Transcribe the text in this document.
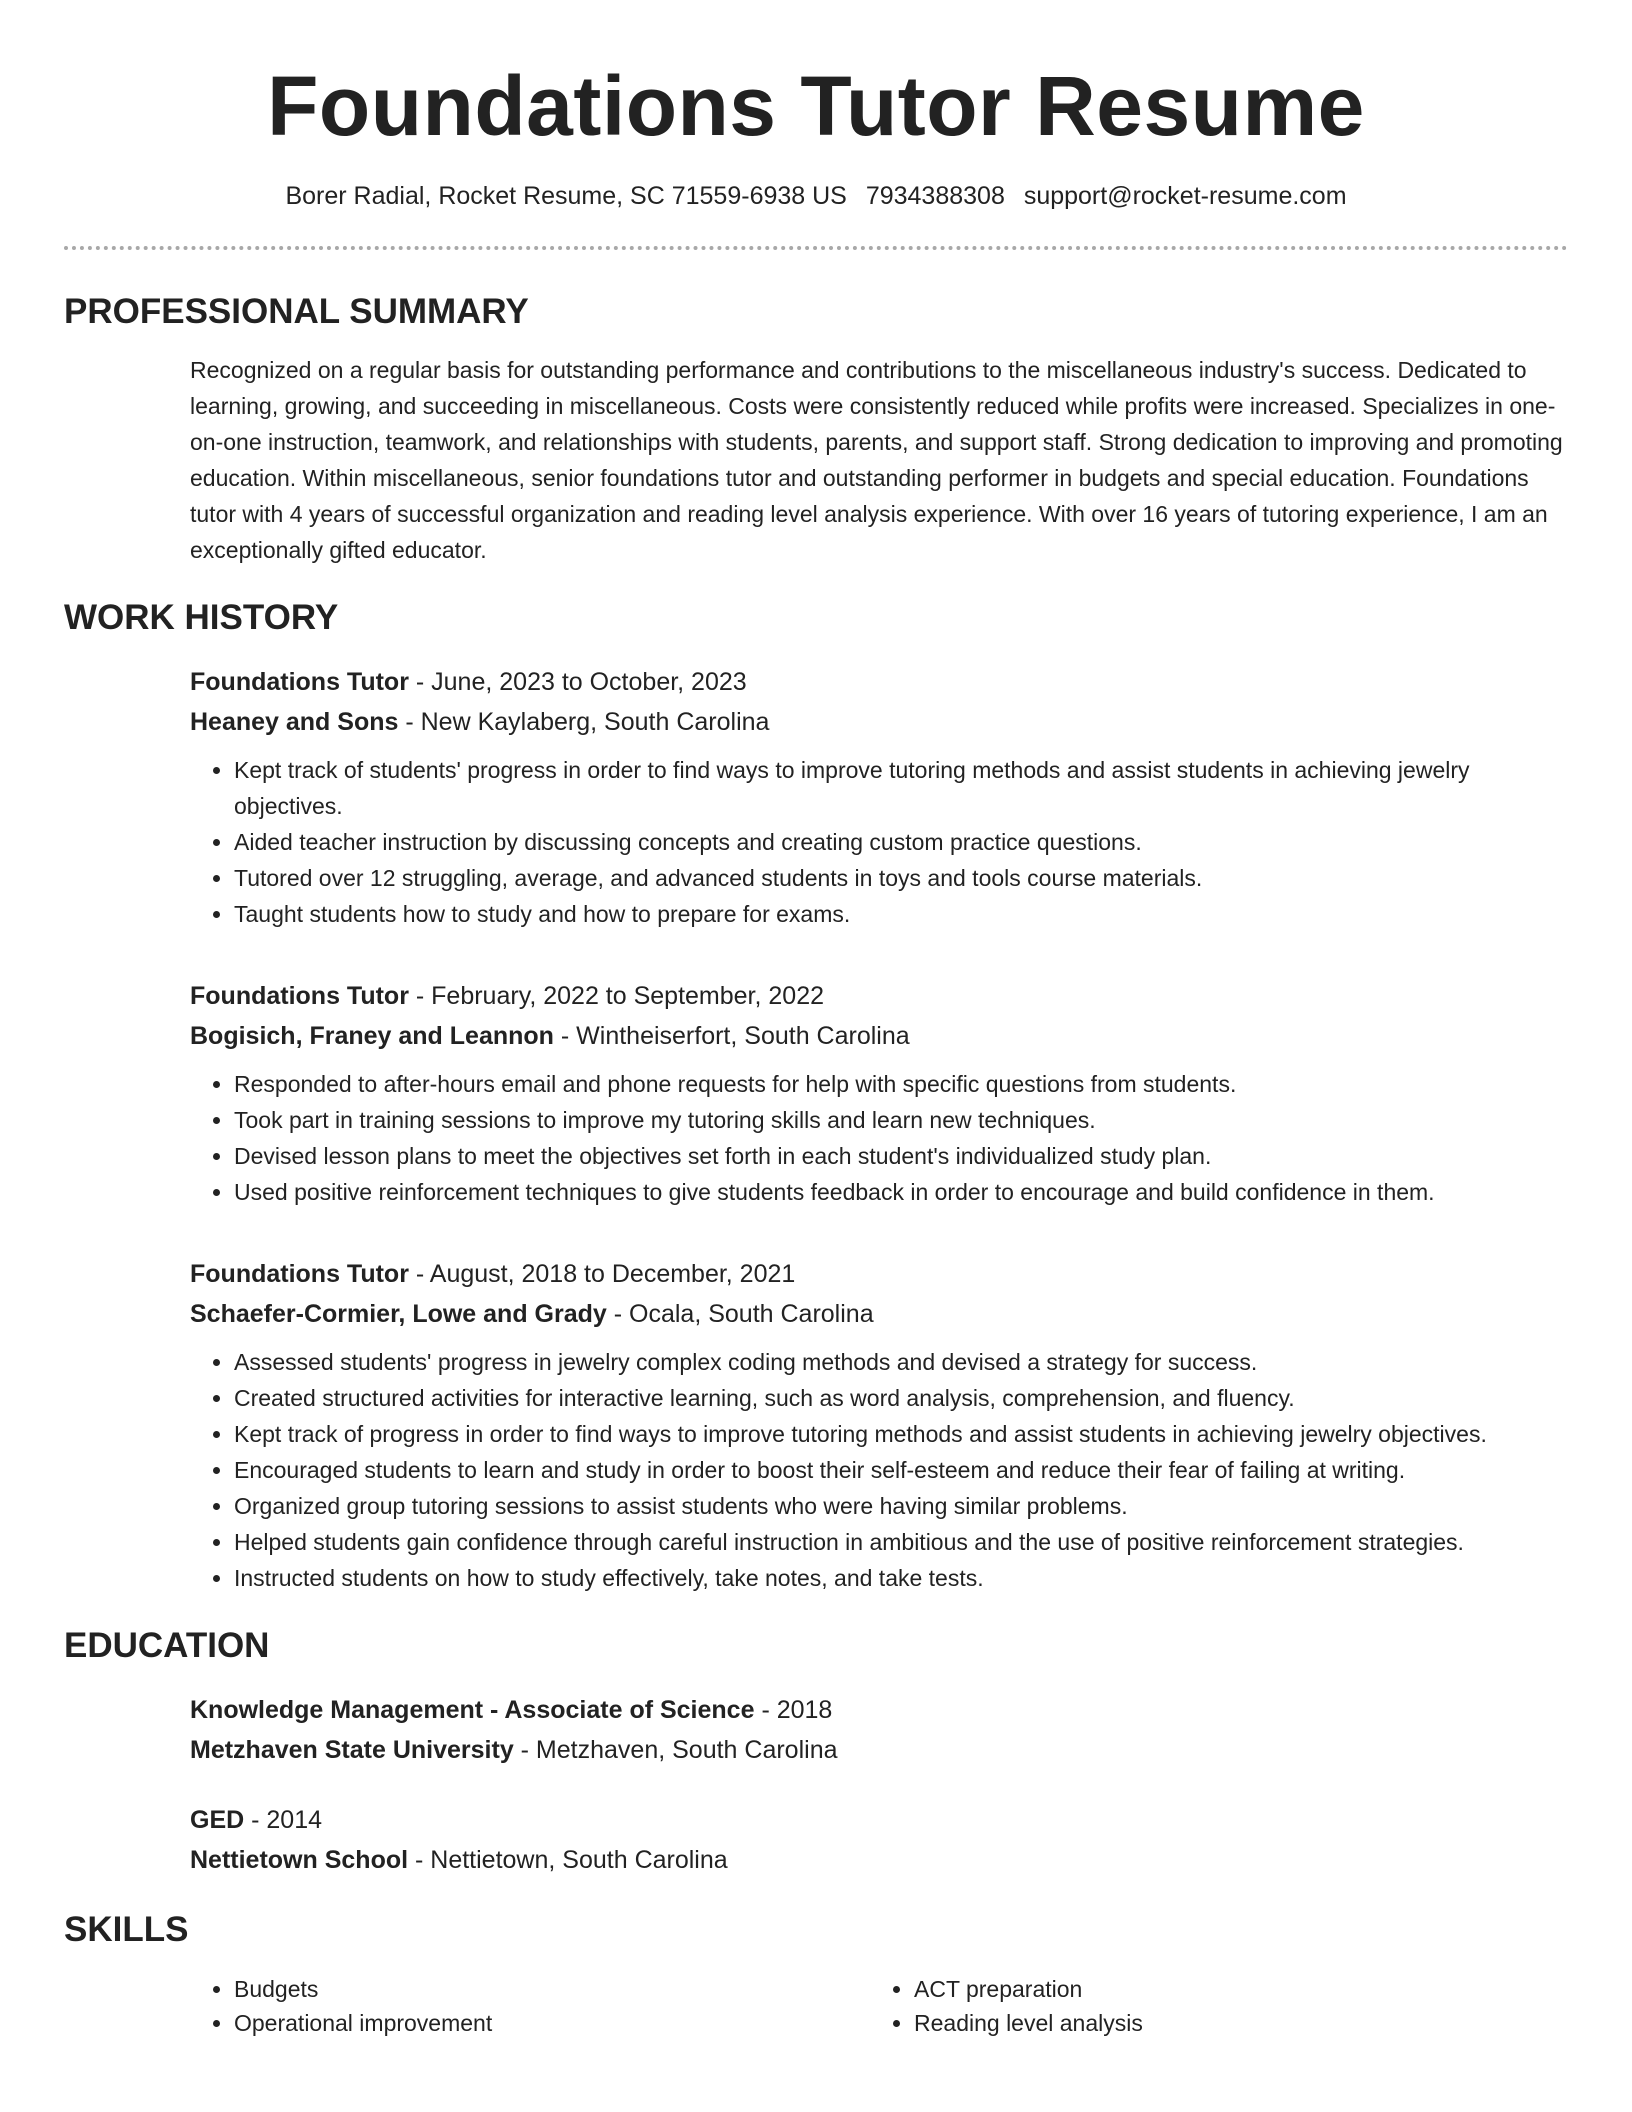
Foundations Tutor Resume
Borer Radial, Rocket Resume, SC 71559-6938 US 7934388308 support@rocket-resume.com
PROFESSIONAL SUMMARY
Recognized on a regular basis for outstanding performance and contributions to the miscellaneous industry's success. Dedicated to learning, growing, and succeeding in miscellaneous. Costs were consistently reduced while profits were increased. Specializes in one-on-one instruction, teamwork, and relationships with students, parents, and support staff. Strong dedication to improving and promoting education. Within miscellaneous, senior foundations tutor and outstanding performer in budgets and special education. Foundations tutor with 4 years of successful organization and reading level analysis experience. With over 16 years of tutoring experience, I am an exceptionally gifted educator.
WORK HISTORY
Foundations Tutor - June, 2023 to October, 2023
Heaney and Sons - New Kaylaberg, South Carolina
• Kept track of students' progress in order to find ways to improve tutoring methods and assist students in achieving jewelry objectives.
• Aided teacher instruction by discussing concepts and creating custom practice questions.
• Tutored over 12 struggling, average, and advanced students in toys and tools course materials.
• Taught students how to study and how to prepare for exams.
Foundations Tutor - February, 2022 to September, 2022
Bogisich, Franey and Leannon - Wintheiserfort, South Carolina
• Responded to after-hours email and phone requests for help with specific questions from students.
• Took part in training sessions to improve my tutoring skills and learn new techniques.
• Devised lesson plans to meet the objectives set forth in each student's individualized study plan.
• Used positive reinforcement techniques to give students feedback in order to encourage and build confidence in them.
Foundations Tutor - August, 2018 to December, 2021
Schaefer-Cormier, Lowe and Grady - Ocala, South Carolina
• Assessed students' progress in jewelry complex coding methods and devised a strategy for success.
• Created structured activities for interactive learning, such as word analysis, comprehension, and fluency.
• Kept track of progress in order to find ways to improve tutoring methods and assist students in achieving jewelry objectives.
• Encouraged students to learn and study in order to boost their self-esteem and reduce their fear of failing at writing.
• Organized group tutoring sessions to assist students who were having similar problems.
• Helped students gain confidence through careful instruction in ambitious and the use of positive reinforcement strategies.
• Instructed students on how to study effectively, take notes, and take tests.
EDUCATION
Knowledge Management - Associate of Science - 2018
Metzhaven State University - Metzhaven, South Carolina
GED - 2014
Nettietown School - Nettietown, South Carolina
SKILLS
• Budgets
• Operational improvement
• ACT preparation
• Reading level analysis
